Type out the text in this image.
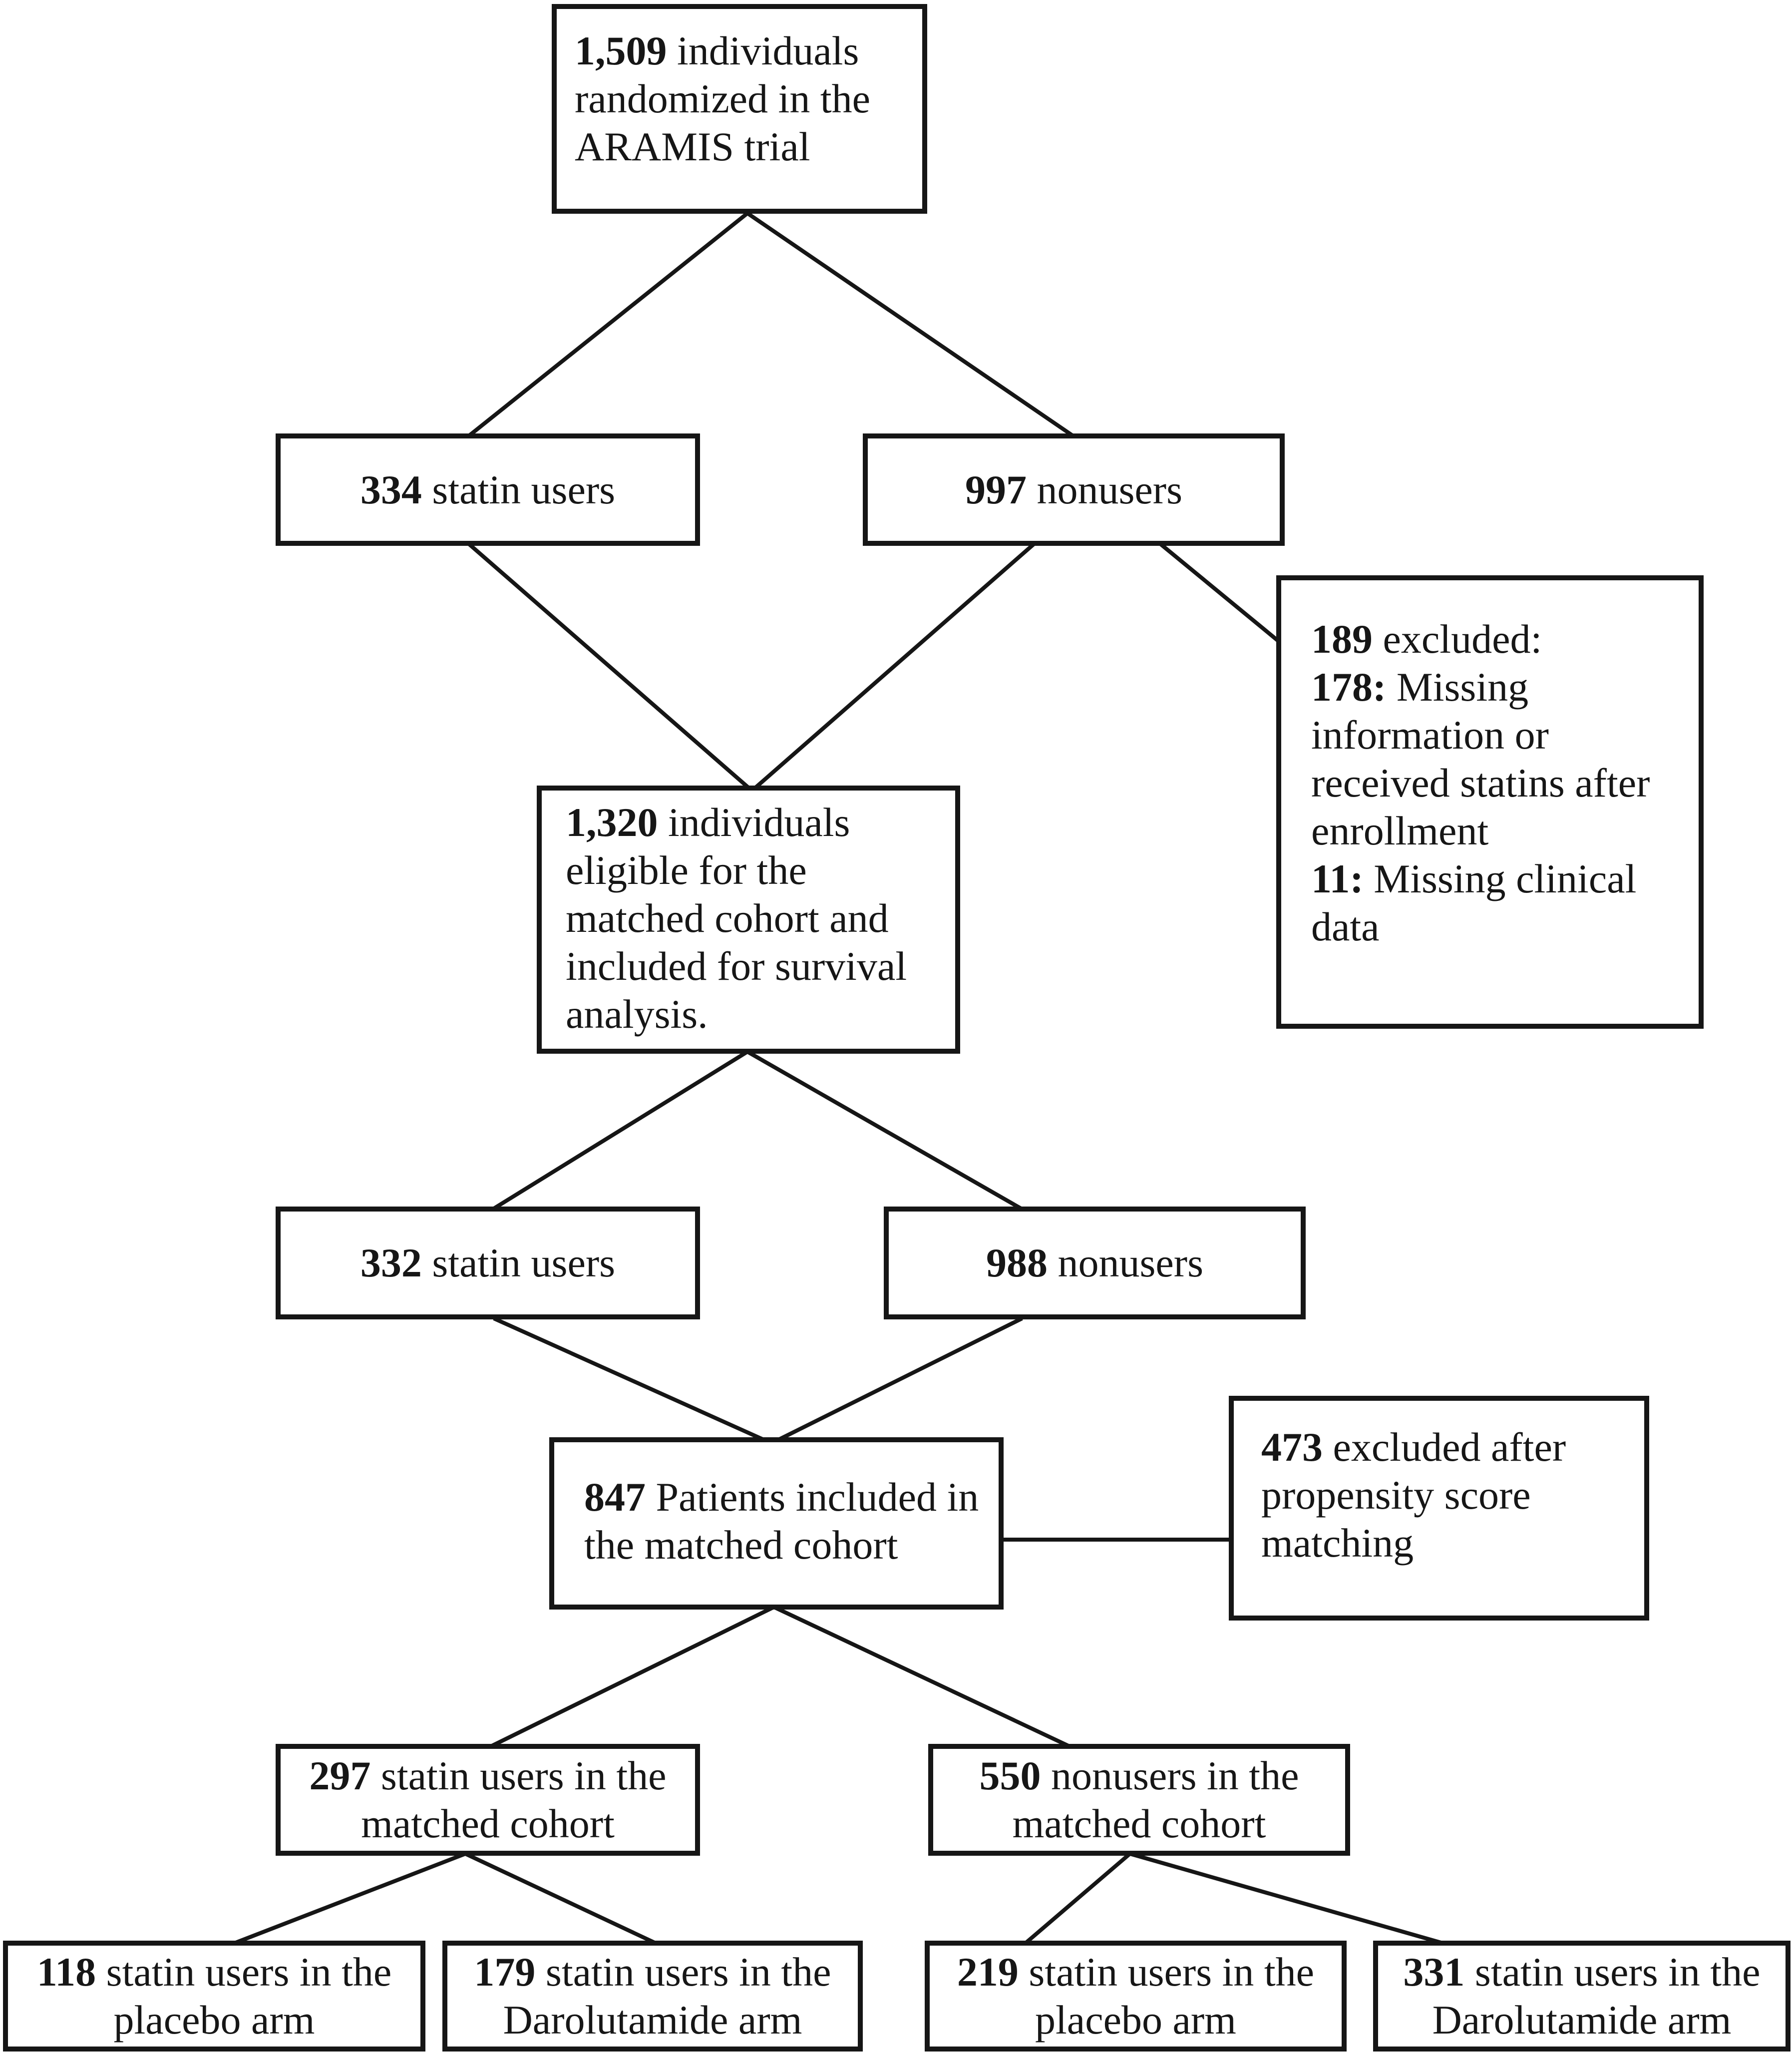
1,509 individuals
randomized in the
ARAMIS trial
334 statin users	997 nonusers
189 excluded:
178: Missing
information or
received statins after
enrollment
11: Missing clinical
data
1,320 individuals
eligible for the
matched cohort and
included for survival
analysis.
332 statin users	988 nonusers
847 Patients included in
the matched cohort
473 excluded after
propensity score
matching
297 statin users in the
matched cohort
550 nonusers in the
matched cohort
118 statin users in the
placebo arm
179 statin users in the
Darolutamide arm
219 statin users in the
placebo arm
331 statin users in the
Darolutamide arm
